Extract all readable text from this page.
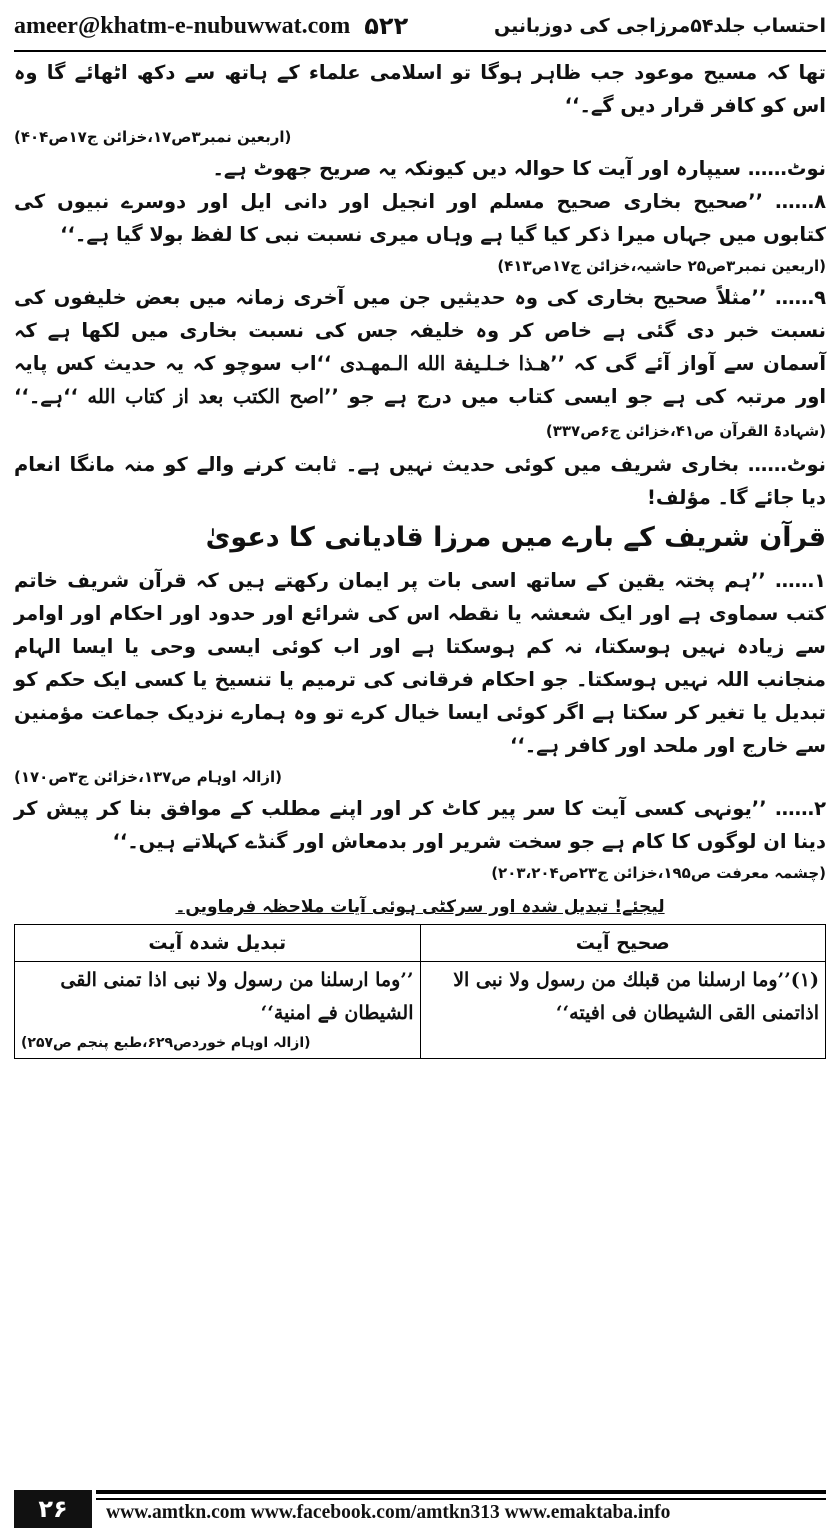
ameer@khatm-e-nubuwwat.com ۵۲۲	احتساب جلد۵۴مرزاجی کی دوزبانیں

تھا کہ مسیح موعود جب ظاہر ہوگا تو اسلامی علماء کے ہاتھ سے دکھ اٹھائے گا وہ اس کو کافر قرار دیں گے۔‘‘

(اربعین نمبر۳ص۱۷،خزائن ج۱۷ص۴۰۴)

نوٹ…… سیپارہ اور آیت کا حوالہ دیں کیونکہ یہ صریح جھوٹ ہے۔

۸…… ’’صحیح بخاری صحیح مسلم اور انجیل اور دانی ایل اور دوسرے نبیوں کی کتابوں میں جہاں میرا ذکر کیا گیا ہے وہاں میری نسبت نبی کا لفظ بولا گیا ہے۔‘‘

(اربعین نمبر۳ص۲۵ حاشیہ،خزائن ج۱۷ص۴۱۳)

۹…… ’’مثلاً صحیح بخاری کی وہ حدیثیں جن میں آخری زمانہ میں بعض خلیفوں کی نسبت خبر دی گئی ہے خاص کر وہ خلیفہ جس کی نسبت بخاری میں لکھا ہے کہ آسمان سے آواز آئے گی کہ ’’هـذا خـلـيفة الله الـمهـدى ‘‘اب سوچو کہ یہ حدیث کس پایہ اور مرتبہ کی ہے جو ایسی کتاب میں درج ہے جو ’’اصح الكتب بعد از كتاب الله ‘‘ہے۔‘‘ (شہادۃ القرآن ص۴۱،خزائن ج۶ص۳۳۷)

نوٹ…… بخاری شریف میں کوئی حدیث نہیں ہے۔ ثابت کرنے والے کو منہ مانگا انعام دیا جائے گا۔ مؤلف!

قرآن شریف کے بارے میں مرزا قادیانی کا دعویٰ

۱…… ’’ہم پختہ یقین کے ساتھ اسی بات پر ایمان رکھتے ہیں کہ قرآن شریف خاتم کتب سماوی ہے اور ایک شعشہ یا نقطہ اس کی شرائع اور حدود اور احکام اور اوامر سے زیادہ نہیں ہوسکتا، نہ کم ہوسکتا ہے اور اب کوئی ایسی وحی یا ایسا الہام منجانب اللہ نہیں ہوسکتا۔ جو احکام فرقانی کی ترمیم یا تنسیخ یا کسی ایک حکم کو تبدیل یا تغیر کر سکتا ہے اگر کوئی ایسا خیال کرے تو وہ ہمارے نزدیک جماعت مؤمنین سے خارج اور ملحد اور کافر ہے۔‘‘

(ازالہ اوہام ص۱۳۷،خزائن ج۳ص۱۷۰)

۲…… ’’یونہی کسی آیت کا سر پیر کاٹ کر اور اپنے مطلب کے موافق بنا کر پیش کر دینا ان لوگوں کا کام ہے جو سخت شریر اور بدمعاش اور گنڈے کہلاتے ہیں۔‘‘

(چشمہ معرفت ص۱۹۵،خزائن ج۲۳ص۲۰۳،۲۰۴)
لیجئے! تبدیل شدہ اور سرکٹی ہوئی آیات ملاحظہ فرماویں۔
صحیح آیت	تبدیل شدہ آیت
(۱)’’وما ارسلنا من قبلك من رسول ولا نبى الا اذاتمنى القى الشيطان فى افيته‘‘	’’وما ارسلنا من رسول ولا نبى اذا تمنى القى الشيطان فے امنية‘‘
(ازالہ اوہام خوردص۶۲۹،طبع پنجم ص۲۵۷)
۲۶	www.amtkn.com www.facebook.com/amtkn313 www.emaktaba.info
